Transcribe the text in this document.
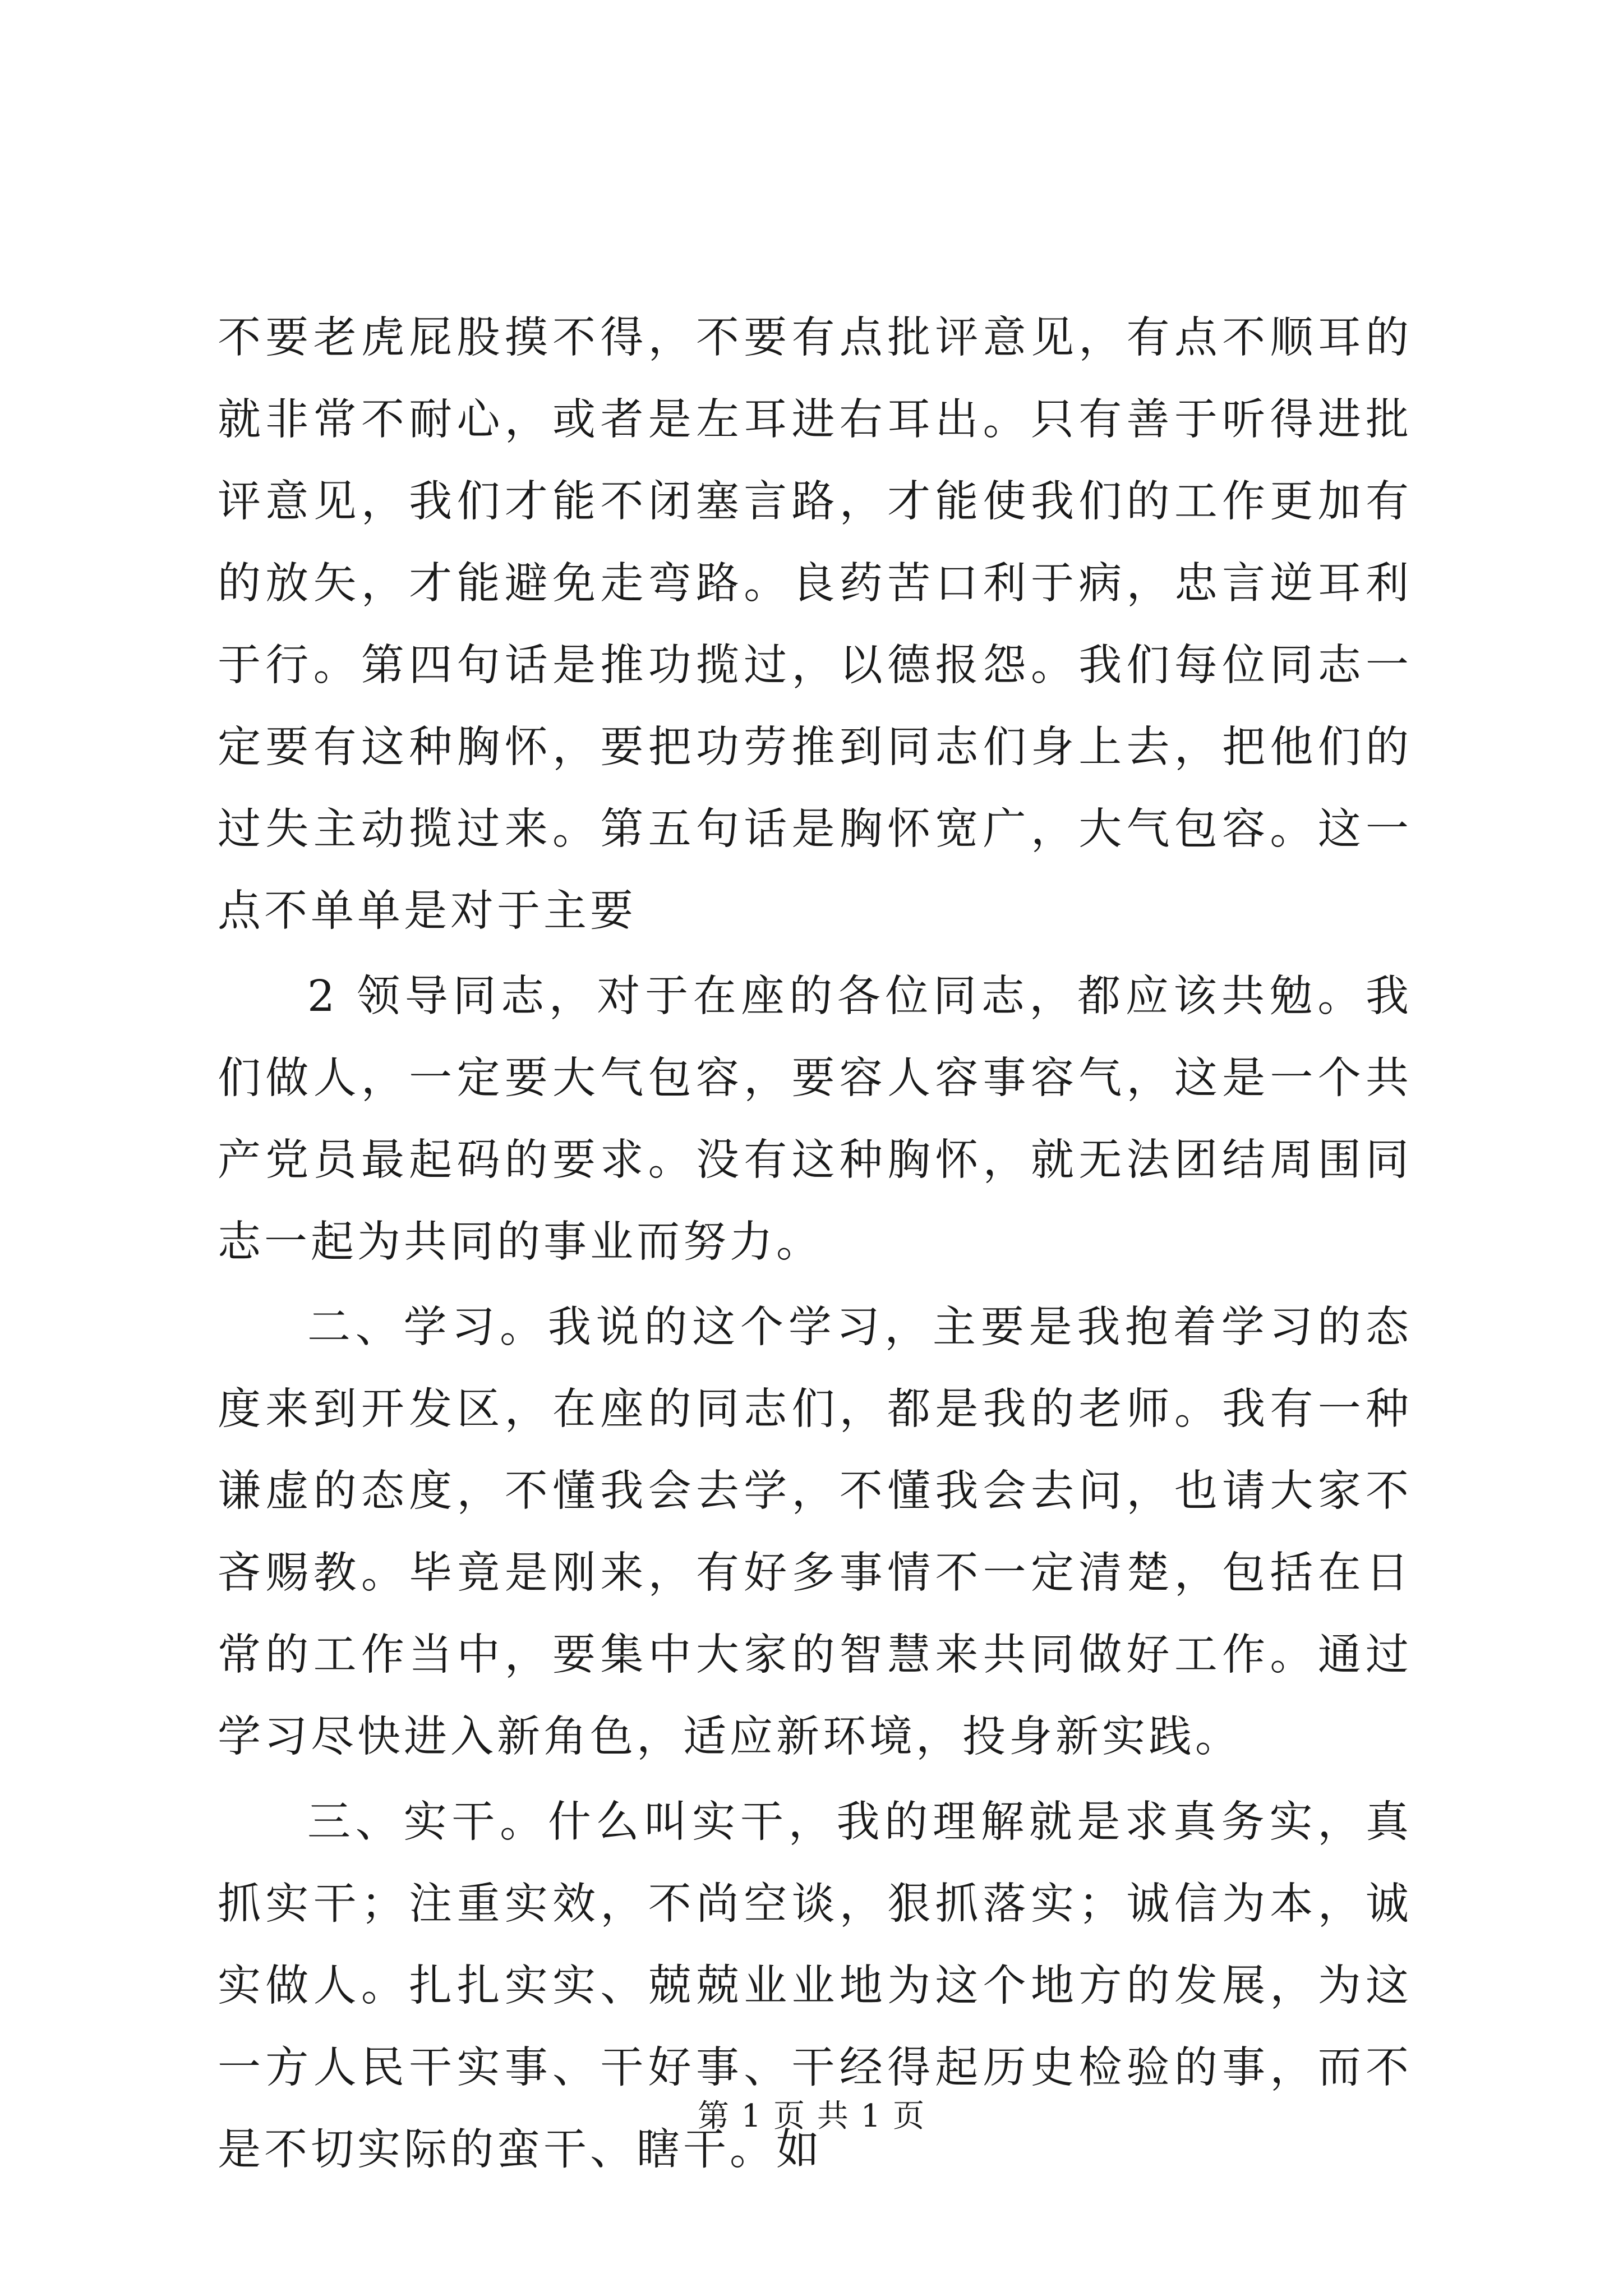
不要老虎屁股摸不得，不要有点批评意见，有点不顺耳的就非常不耐心，或者是左耳进右耳出。只有善于听得进批评意见，我们才能不闭塞言路，才能使我们的工作更加有的放矢，才能避免走弯路。良药苦口利于病，忠言逆耳利于行。第四句话是推功揽过，以德报怨。我们每位同志一定要有这种胸怀，要把功劳推到同志们身上去，把他们的过失主动揽过来。第五句话是胸怀宽广，大气包容。这一点不单单是对于主要

2 领导同志，对于在座的各位同志，都应该共勉。我们做人，一定要大气包容，要容人容事容气，这是一个共产党员最起码的要求。没有这种胸怀，就无法团结周围同志一起为共同的事业而努力。

二、学习。我说的这个学习，主要是我抱着学习的态度来到开发区，在座的同志们，都是我的老师。我有一种谦虚的态度，不懂我会去学，不懂我会去问，也请大家不吝赐教。毕竟是刚来，有好多事情不一定清楚，包括在日常的工作当中，要集中大家的智慧来共同做好工作。通过学习尽快进入新角色，适应新环境，投身新实践。

三、实干。什么叫实干，我的理解就是求真务实，真抓实干；注重实效，不尚空谈，狠抓落实；诚信为本，诚实做人。扎扎实实、兢兢业业地为这个地方的发展，为这一方人民干实事、干好事、干经得起历史检验的事，而不是不切实际的蛮干、瞎干。如

第 1 页 共 1 页
